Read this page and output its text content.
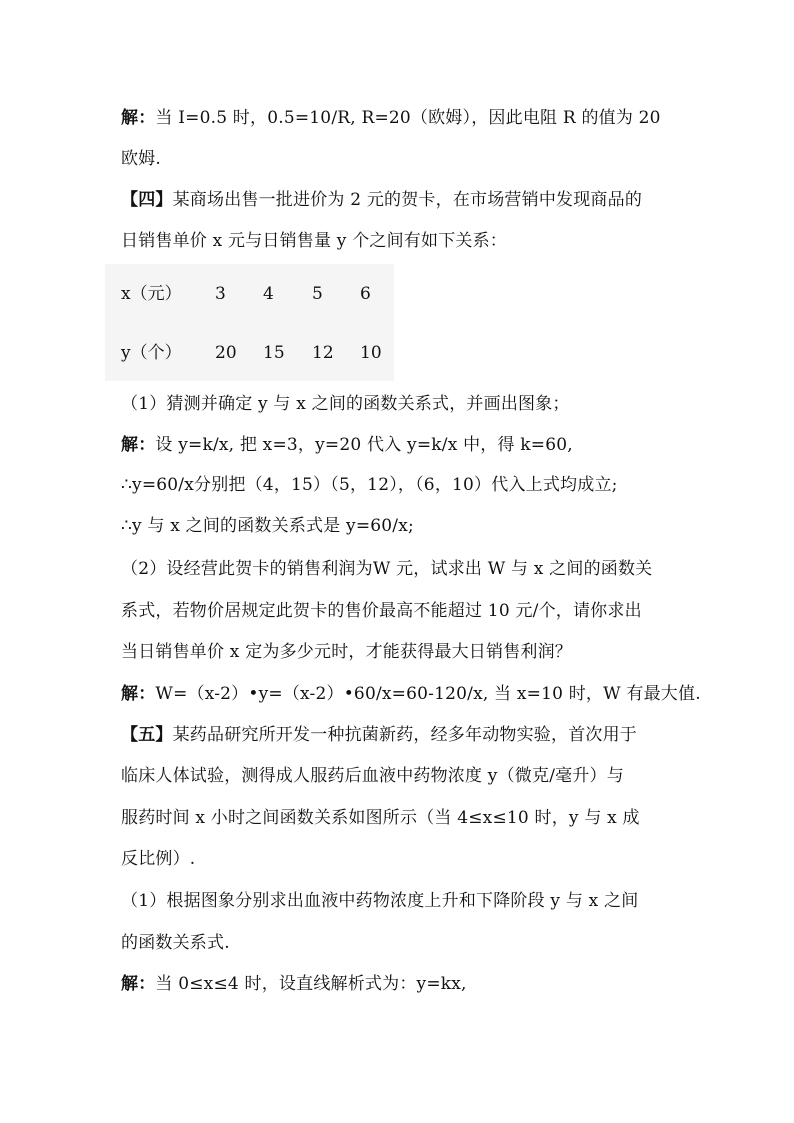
解：当 I=0.5 时，0.5=10/R, R=20（欧姆），因此电阻 R 的值为 20
欧姆.
【四】某商场出售一批进价为 2 元的贺卡，在市场营销中发现商品的
日销售单价 x 元与日销售量 y 个之间有如下关系：
x（元） 3 4 5 6
y（个） 20 15 12 10
（1）猜测并确定 y 与 x 之间的函数关系式，并画出图象；
解：设 y=k/x, 把 x=3，y=20 代入 y=k/x 中，得 k=60,
∴y=60/x分别把（4，15）（5，12），（6，10）代入上式均成立;
∴y 与 x 之间的函数关系式是 y=60/x;
（2）设经营此贺卡的销售利润为W 元，试求出 W 与 x 之间的函数关
系式，若物价居规定此贺卡的售价最高不能超过 10 元/个，请你求出
当日销售单价 x 定为多少元时，才能获得最大日销售利润？
解：W=（x-2）•y=（x-2）•60/x=60-120/x, 当 x=10 时，W 有最大值.
【五】某药品研究所开发一种抗菌新药，经多年动物实验，首次用于
临床人体试验，测得成人服药后血液中药物浓度 y（微克/毫升）与
服药时间 x 小时之间函数关系如图所示（当 4≤x≤10 时，y 与 x 成
反比例）.
（1）根据图象分别求出血液中药物浓度上升和下降阶段 y 与 x 之间
的函数关系式.
解：当 0≤x≤4 时，设直线解析式为：y=kx,
